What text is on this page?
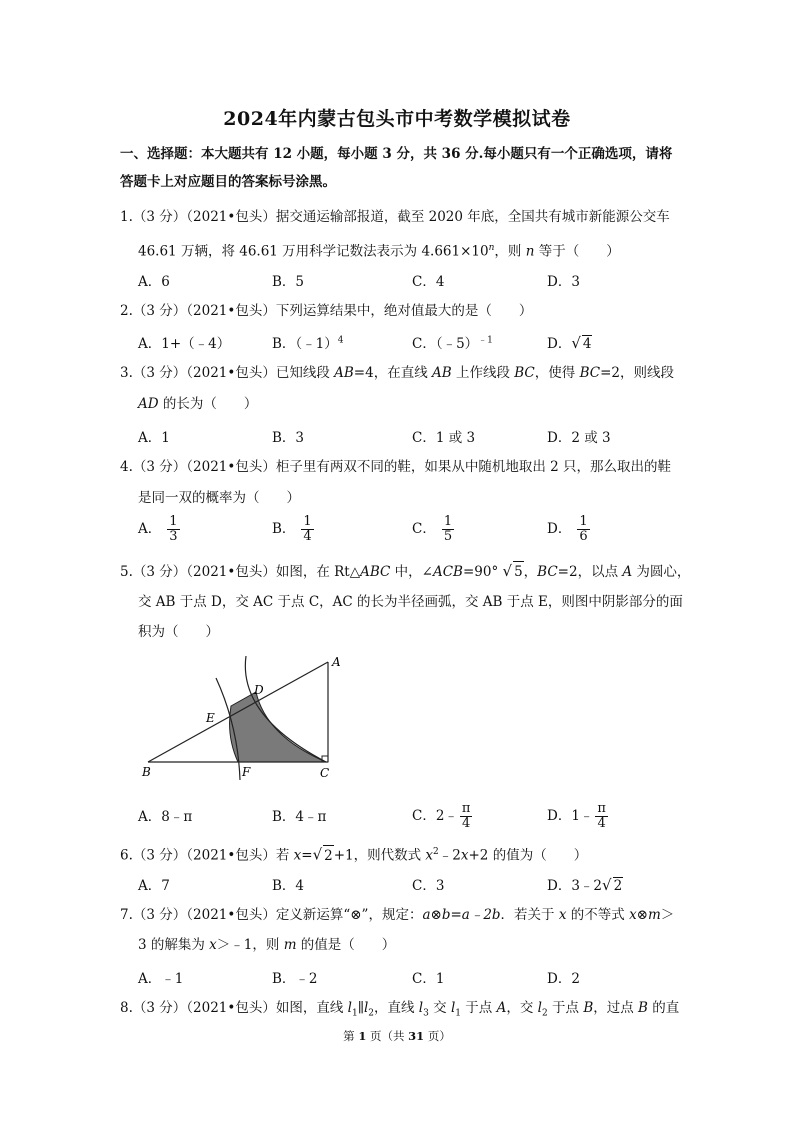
2024年内蒙古包头市中考数学模拟试卷
一、选择题：本大题共有 12 小题，每小题 3 分，共 36 分.每小题只有一个正确选项，请将
答题卡上对应题目的答案标号涂黑。
1.（3 分）（2021•包头）据交通运输部报道，截至 2020 年底，全国共有城市新能源公交车
46.61 万辆，将 46.61 万用科学记数法表示为 $4.661\times 10^n$，则 n 等于（　　）
A．6	B．5	C．4	D．3
2.（3 分）（2021•包头）下列运算结果中，绝对值最大的是（　　）
A．1+（﹣4）	B．（﹣1）$^4$	C．（﹣5）$^{﹣1}$	D．√ 4
3.（3 分）（2021•包头）已知线段 AB=4，在直线 AB 上作线段 BC，使得 BC=2，则线段
AD 的长为（　　）
A．1	B．3	C．1 或 3	D．2 或 3
4.（3 分）（2021•包头）柜子里有两双不同的鞋，如果从中随机地取出 2 只，那么取出的鞋
是同一双的概率为（　　）
A． $\frac{1}{3}$	B． $\frac{1}{4}$	C． $\frac{1}{5}$	D． $\frac{1}{6}$
5.（3 分）（2021•包头）如图，在 Rt△ABC 中，∠ACB=90° √ 5，BC=2，以点 A 为圆心，
交 AB 于点 D，交 AC 于点 C，AC 的长为半径画弧，交 AB 于点 E，则图中阴影部分的面
积为（　　）
A
B	C
D
E
F
A．8﹣π	B．4﹣π	C．2﹣ $\frac{\pi}{4}$	D．1﹣ $\frac{\pi}{4}$
6.（3 分）（2021•包头）若 x=√ 2+1，则代数式 $x^2﹣2x+2$ 的值为（　　）
A．7	B．4	C．3	D．3﹣2√ 2
7.（3 分）（2021•包头）定义新运算“⊗”，规定：a⊗b=a﹣2b．若关于 x 的不等式 x⊗m＞
3 的解集为 x＞﹣1，则 m 的值是（　　）
A．﹣1	B．﹣2	C．1	D．2
8.（3 分）（2021•包头）如图，直线 $l_1\parallel l_2$，直线 $l_3$ 交 $l_1$ 于点 A，交 $l_2$ 于点 B，过点 B 的直
第 1 页（共 31 页）
